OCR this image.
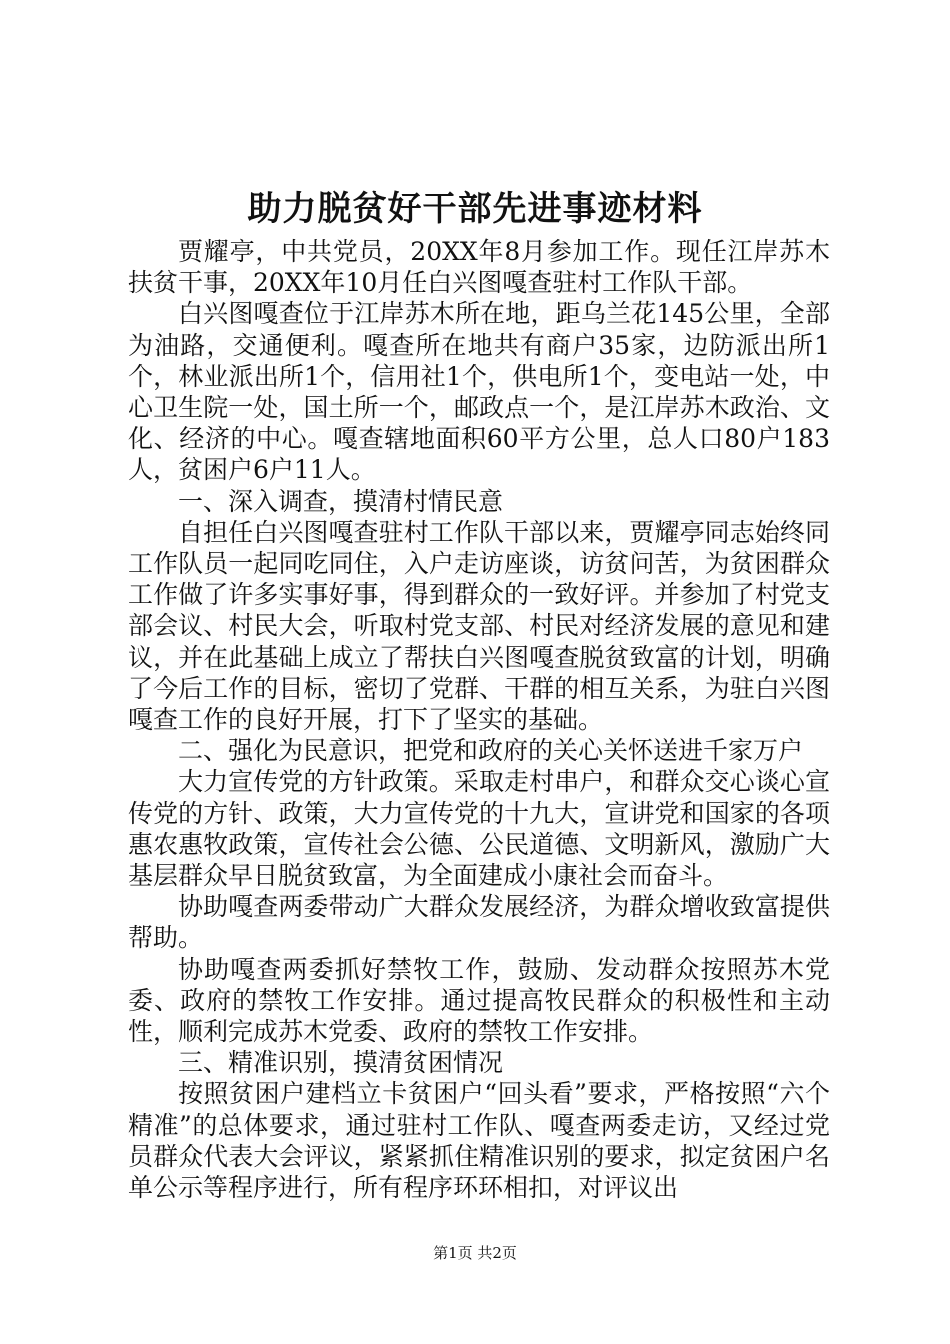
助力脱贫好干部先进事迹材料

贾耀亭，中共党员，20XX年8月参加工作。现任江岸苏木扶贫干事，20XX年10月任白兴图嘎查驻村工作队干部。

白兴图嘎查位于江岸苏木所在地，距乌兰花145公里，全部为油路，交通便利。嘎查所在地共有商户35家，边防派出所1个，林业派出所1个，信用社1个，供电所1个，变电站一处，中心卫生院一处，国土所一个，邮政点一个，是江岸苏木政治、文化、经济的中心。嘎查辖地面积60平方公里，总人口80户183人，贫困户6户11人。

一、深入调查，摸清村情民意

自担任白兴图嘎查驻村工作队干部以来，贾耀亭同志始终同工作队员一起同吃同住，入户走访座谈，访贫问苦，为贫困群众工作做了许多实事好事，得到群众的一致好评。并参加了村党支部会议、村民大会，听取村党支部、村民对经济发展的意见和建议，并在此基础上成立了帮扶白兴图嘎查脱贫致富的计划，明确了今后工作的目标，密切了党群、干群的相互关系，为驻白兴图嘎查工作的良好开展，打下了坚实的基础。

二、强化为民意识，把党和政府的关心关怀送进千家万户

大力宣传党的方针政策。采取走村串户，和群众交心谈心宣传党的方针、政策，大力宣传党的十九大，宣讲党和国家的各项惠农惠牧政策，宣传社会公德、公民道德、文明新风，激励广大基层群众早日脱贫致富，为全面建成小康社会而奋斗。

协助嘎查两委带动广大群众发展经济，为群众增收致富提供帮助。

协助嘎查两委抓好禁牧工作，鼓励、发动群众按照苏木党委、政府的禁牧工作安排。通过提高牧民群众的积极性和主动性，顺利完成苏木党委、政府的禁牧工作安排。

三、精准识别，摸清贫困情况

按照贫困户建档立卡贫困户“回头看”要求，严格按照“六个精准”的总体要求，通过驻村工作队、嘎查两委走访，又经过党员群众代表大会评议，紧紧抓住精准识别的要求，拟定贫困户名单公示等程序进行，所有程序环环相扣，对评议出

第1页 共2页
